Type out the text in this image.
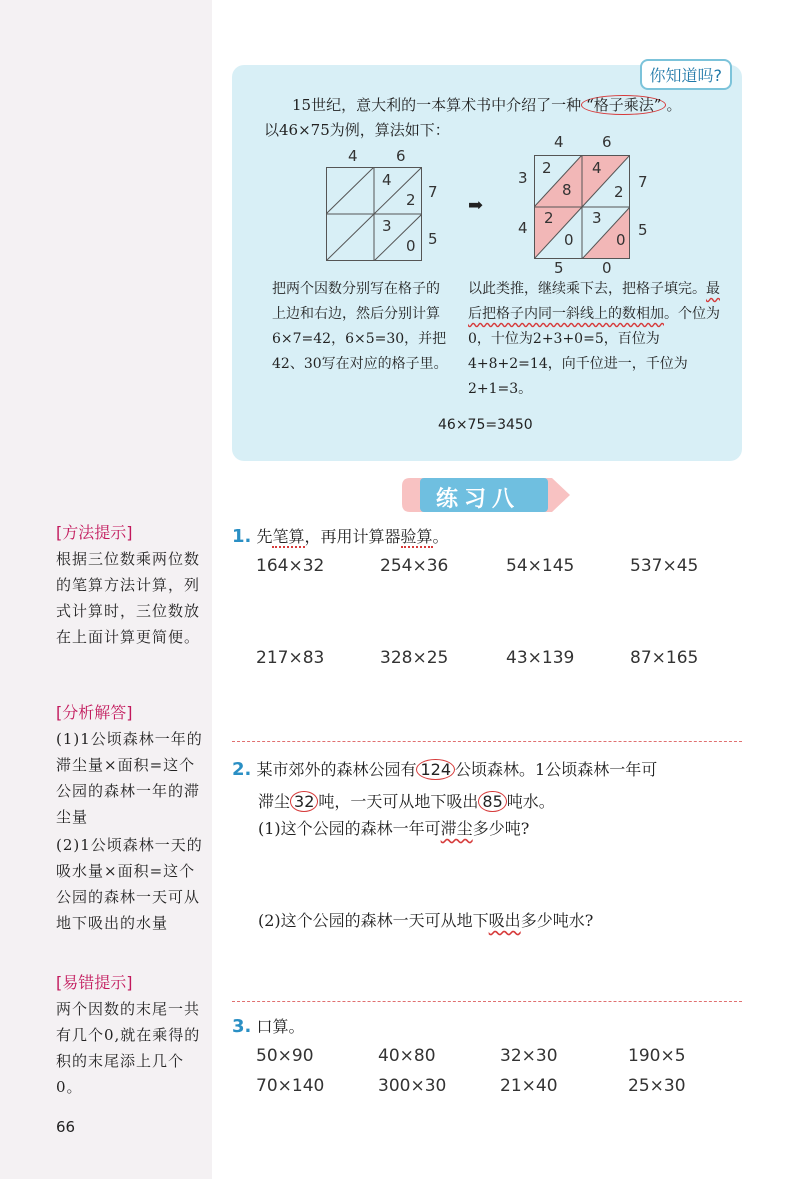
[方法提示]
根据三位数乘两位数的笔算方法计算，列式计算时，三位数放在上面计算更简便。
[分析解答]
(1)1公顷森林一年的滞尘量×面积=这个公园的森林一年的滞尘量
(2)1公顷森林一天的吸水量×面积=这个公园的森林一天可从地下吸出的水量
[易错提示]
两个因数的末尾一共有几个0,就在乘得的积的末尾添上几个0。
66
你知道吗?
15世纪，意大利的一本算术书中介绍了一种 “格子乘法” 。
以46×75为例，算法如下：
4	6
7
5
4
2
3
0
➡
4	6
3
4
7
5
5	0
2
8
4
2
2
0
3
0
把两个因数分别写在格子的上边和右边，然后分别计算6×7=42，6×5=30，并把42、30写在对应的格子里。
以此类推，继续乘下去，把格子填完。最后把格子内同一斜线上的数相加。个位为0，十位为2+3+0=5，百位为4+8+2=14，向千位进一，千位为2+1=3。
46×75=3450
练习八
1. 先笔算，再用计算器验算。
164×32	254×36	54×145	537×45
217×83	328×25	43×139	87×165
2. 某市郊外的森林公园有 124 公顷森林。1公顷森林一年可
滞尘 32 吨，一天可从地下吸出 85 吨水。
(1)这个公园的森林一年可滞尘多少吨?
(2)这个公园的森林一天可从地下吸出多少吨水?
3. 口算。
50×90	40×80	32×30	190×5
70×140	300×30	21×40	25×30
